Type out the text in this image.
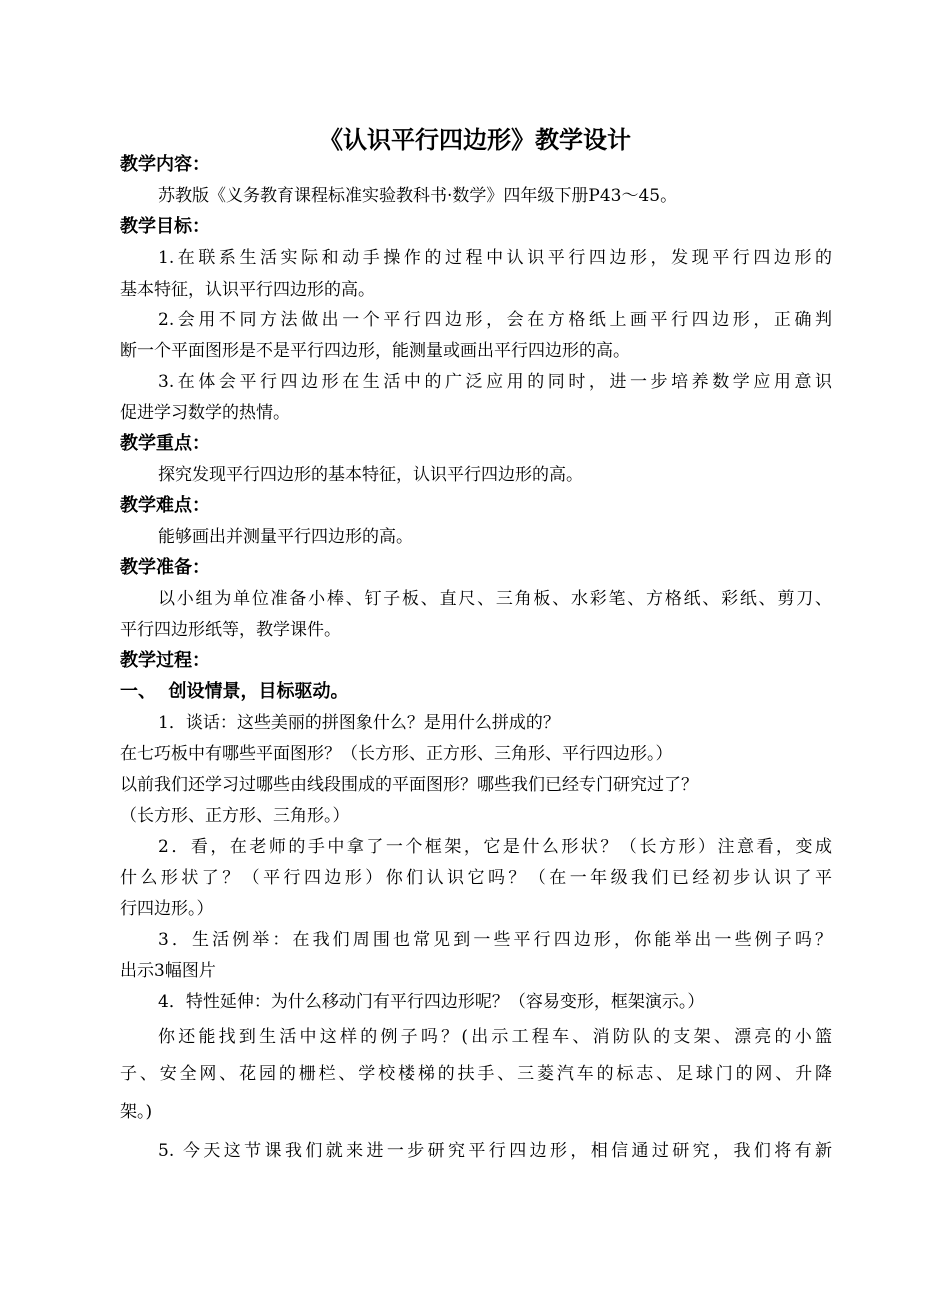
《认识平行四边形》教学设计
教学内容：
苏教版《义务教育课程标准实验教科书·数学》四年级下册P43～45。
教学目标：
1.在联系生活实际和动手操作的过程中认识平行四边形，发现平行四边形的
基本特征，认识平行四边形的高。
2.会用不同方法做出一个平行四边形，会在方格纸上画平行四边形，正确判
断一个平面图形是不是平行四边形，能测量或画出平行四边形的高。
3.在体会平行四边形在生活中的广泛应用的同时，进一步培养数学应用意识
促进学习数学的热情。
教学重点：
探究发现平行四边形的基本特征，认识平行四边形的高。
教学难点：
能够画出并测量平行四边形的高。
教学准备：
以小组为单位准备小棒、钉子板、直尺、三角板、水彩笔、方格纸、彩纸、剪刀、
平行四边形纸等，教学课件。
教学过程：
一、  创设情景，目标驱动。
1．谈话：这些美丽的拼图象什么？是用什么拼成的？
在七巧板中有哪些平面图形？（长方形、正方形、三角形、平行四边形。）
以前我们还学习过哪些由线段围成的平面图形？哪些我们已经专门研究过了？
（长方形、正方形、三角形。）
2．看，在老师的手中拿了一个框架，它是什么形状？（长方形）注意看，变成
什么形状了？（平行四边形）你们认识它吗？（在一年级我们已经初步认识了平
行四边形。）
3．生活例举：在我们周围也常见到一些平行四边形，你能举出一些例子吗？
出示3幅图片
4．特性延伸：为什么移动门有平行四边形呢？（容易变形，框架演示。）
你还能找到生活中这样的例子吗？(出示工程车、消防队的支架、漂亮的小篮
子、安全网、花园的栅栏、学校楼梯的扶手、三菱汽车的标志、足球门的网、升降
架。)
5. 今天这节课我们就来进一步研究平行四边形，相信通过研究，我们将有新
